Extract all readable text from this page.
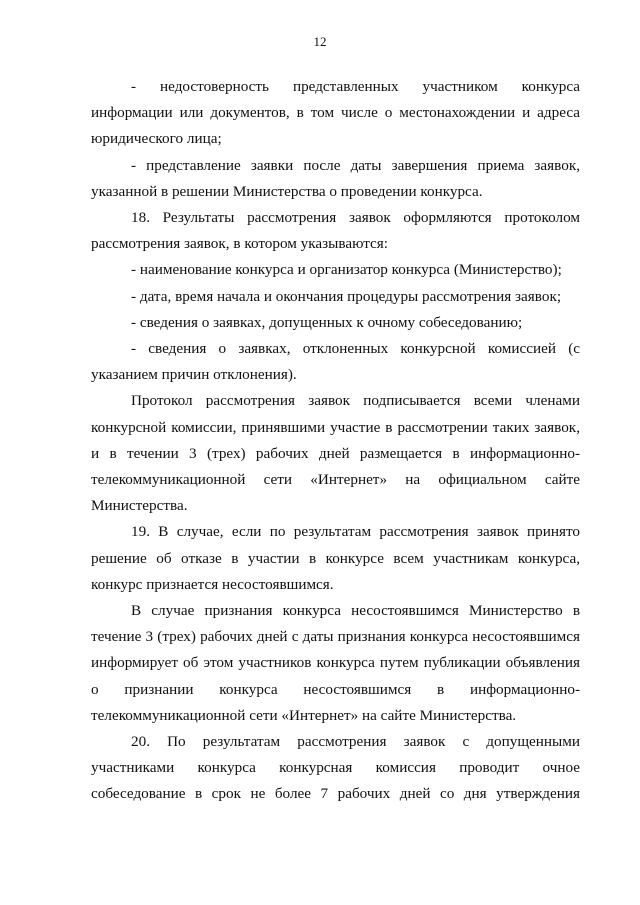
12

- недостоверность представленных участником конкурса информации или документов, в том числе о местонахождении и адреса юридического лица;

- представление заявки после даты завершения приема заявок, указанной в решении Министерства о проведении конкурса.

18. Результаты рассмотрения заявок оформляются протоколом рассмотрения заявок, в котором указываются:

- наименование конкурса и организатор конкурса (Министерство);

- дата, время начала и окончания процедуры рассмотрения заявок;

- сведения о заявках, допущенных к очному собеседованию;

- сведения о заявках, отклоненных конкурсной комиссией (с указанием причин отклонения).

Протокол рассмотрения заявок подписывается всеми членами конкурсной комиссии, принявшими участие в рассмотрении таких заявок, и в течении 3 (трех) рабочих дней размещается в информационно-телекоммуникационной сети «Интернет» на официальном сайте Министерства.

19. В случае, если по результатам рассмотрения заявок принято решение об отказе в участии в конкурсе всем участникам конкурса, конкурс признается несостоявшимся.

В случае признания конкурса несостоявшимся Министерство в течение 3 (трех) рабочих дней с даты признания конкурса несостоявшимся информирует об этом участников конкурса путем публикации объявления о признании конкурса несостоявшимся в информационно-телекоммуникационной сети «Интернет» на сайте Министерства.

20. По результатам рассмотрения заявок с допущенными участниками конкурса конкурсная комиссия проводит очное собеседование в срок не более 7 рабочих дней со дня утверждения
